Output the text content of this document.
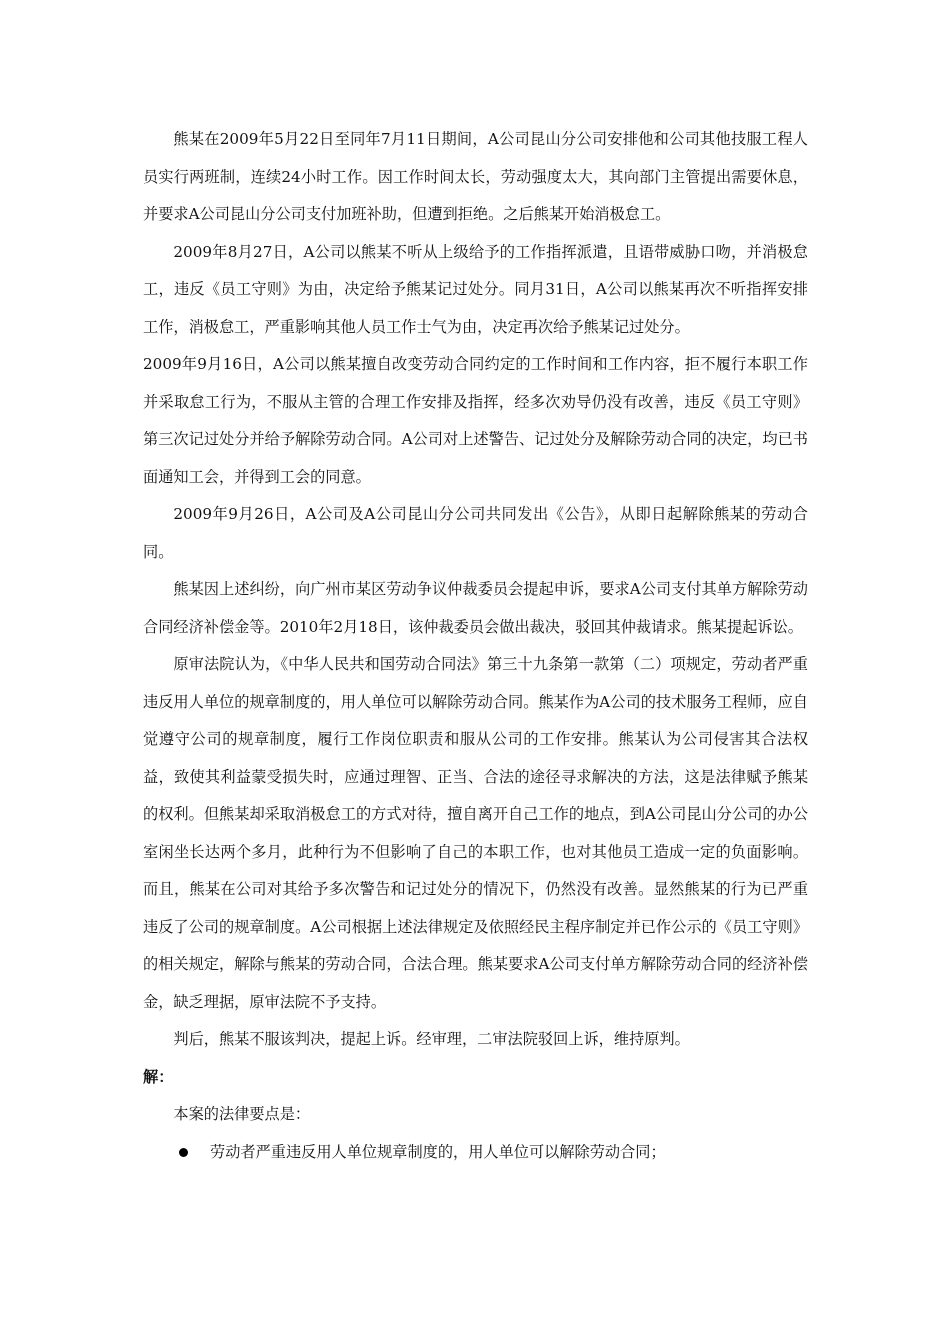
熊某在2009年5月22日至同年7月11日期间，A公司昆山分公司安排他和公司其他技服工程人员实行两班制，连续24小时工作。因工作时间太长，劳动强度太大，其向部门主管提出需要休息，并要求A公司昆山分公司支付加班补助，但遭到拒绝。之后熊某开始消极怠工。

2009年8月27日，A公司以熊某不听从上级给予的工作指挥派遣，且语带威胁口吻，并消极怠工，违反《员工守则》为由，决定给予熊某记过处分。同月31日，A公司以熊某再次不听指挥安排工作，消极怠工，严重影响其他人员工作士气为由，决定再次给予熊某记过处分。

2009年9月16日，A公司以熊某擅自改变劳动合同约定的工作时间和工作内容，拒不履行本职工作并采取怠工行为，不服从主管的合理工作安排及指挥，经多次劝导仍没有改善，违反《员工守则》第三次记过处分并给予解除劳动合同。A公司对上述警告、记过处分及解除劳动合同的决定，均已书面通知工会，并得到工会的同意。

2009年9月26日，A公司及A公司昆山分公司共同发出《公告》，从即日起解除熊某的劳动合同。

熊某因上述纠纷，向广州市某区劳动争议仲裁委员会提起申诉，要求A公司支付其单方解除劳动合同经济补偿金等。2010年2月18日，该仲裁委员会做出裁决，驳回其仲裁请求。熊某提起诉讼。

原审法院认为，《中华人民共和国劳动合同法》第三十九条第一款第（二）项规定，劳动者严重违反用人单位的规章制度的，用人单位可以解除劳动合同。熊某作为A公司的技术服务工程师，应自觉遵守公司的规章制度，履行工作岗位职责和服从公司的工作安排。熊某认为公司侵害其合法权益，致使其利益蒙受损失时，应通过理智、正当、合法的途径寻求解决的方法，这是法律赋予熊某的权利。但熊某却采取消极怠工的方式对待，擅自离开自己工作的地点，到A公司昆山分公司的办公室闲坐长达两个多月，此种行为不但影响了自己的本职工作，也对其他员工造成一定的负面影响。而且，熊某在公司对其给予多次警告和记过处分的情况下，仍然没有改善。显然熊某的行为已严重违反了公司的规章制度。A公司根据上述法律规定及依照经民主程序制定并已作公示的《员工守则》的相关规定，解除与熊某的劳动合同，合法合理。熊某要求A公司支付单方解除劳动合同的经济补偿金，缺乏理据，原审法院不予支持。

判后，熊某不服该判决，提起上诉。经审理，二审法院驳回上诉，维持原判。

解：

本案的法律要点是：

劳动者严重违反用人单位规章制度的，用人单位可以解除劳动合同；
